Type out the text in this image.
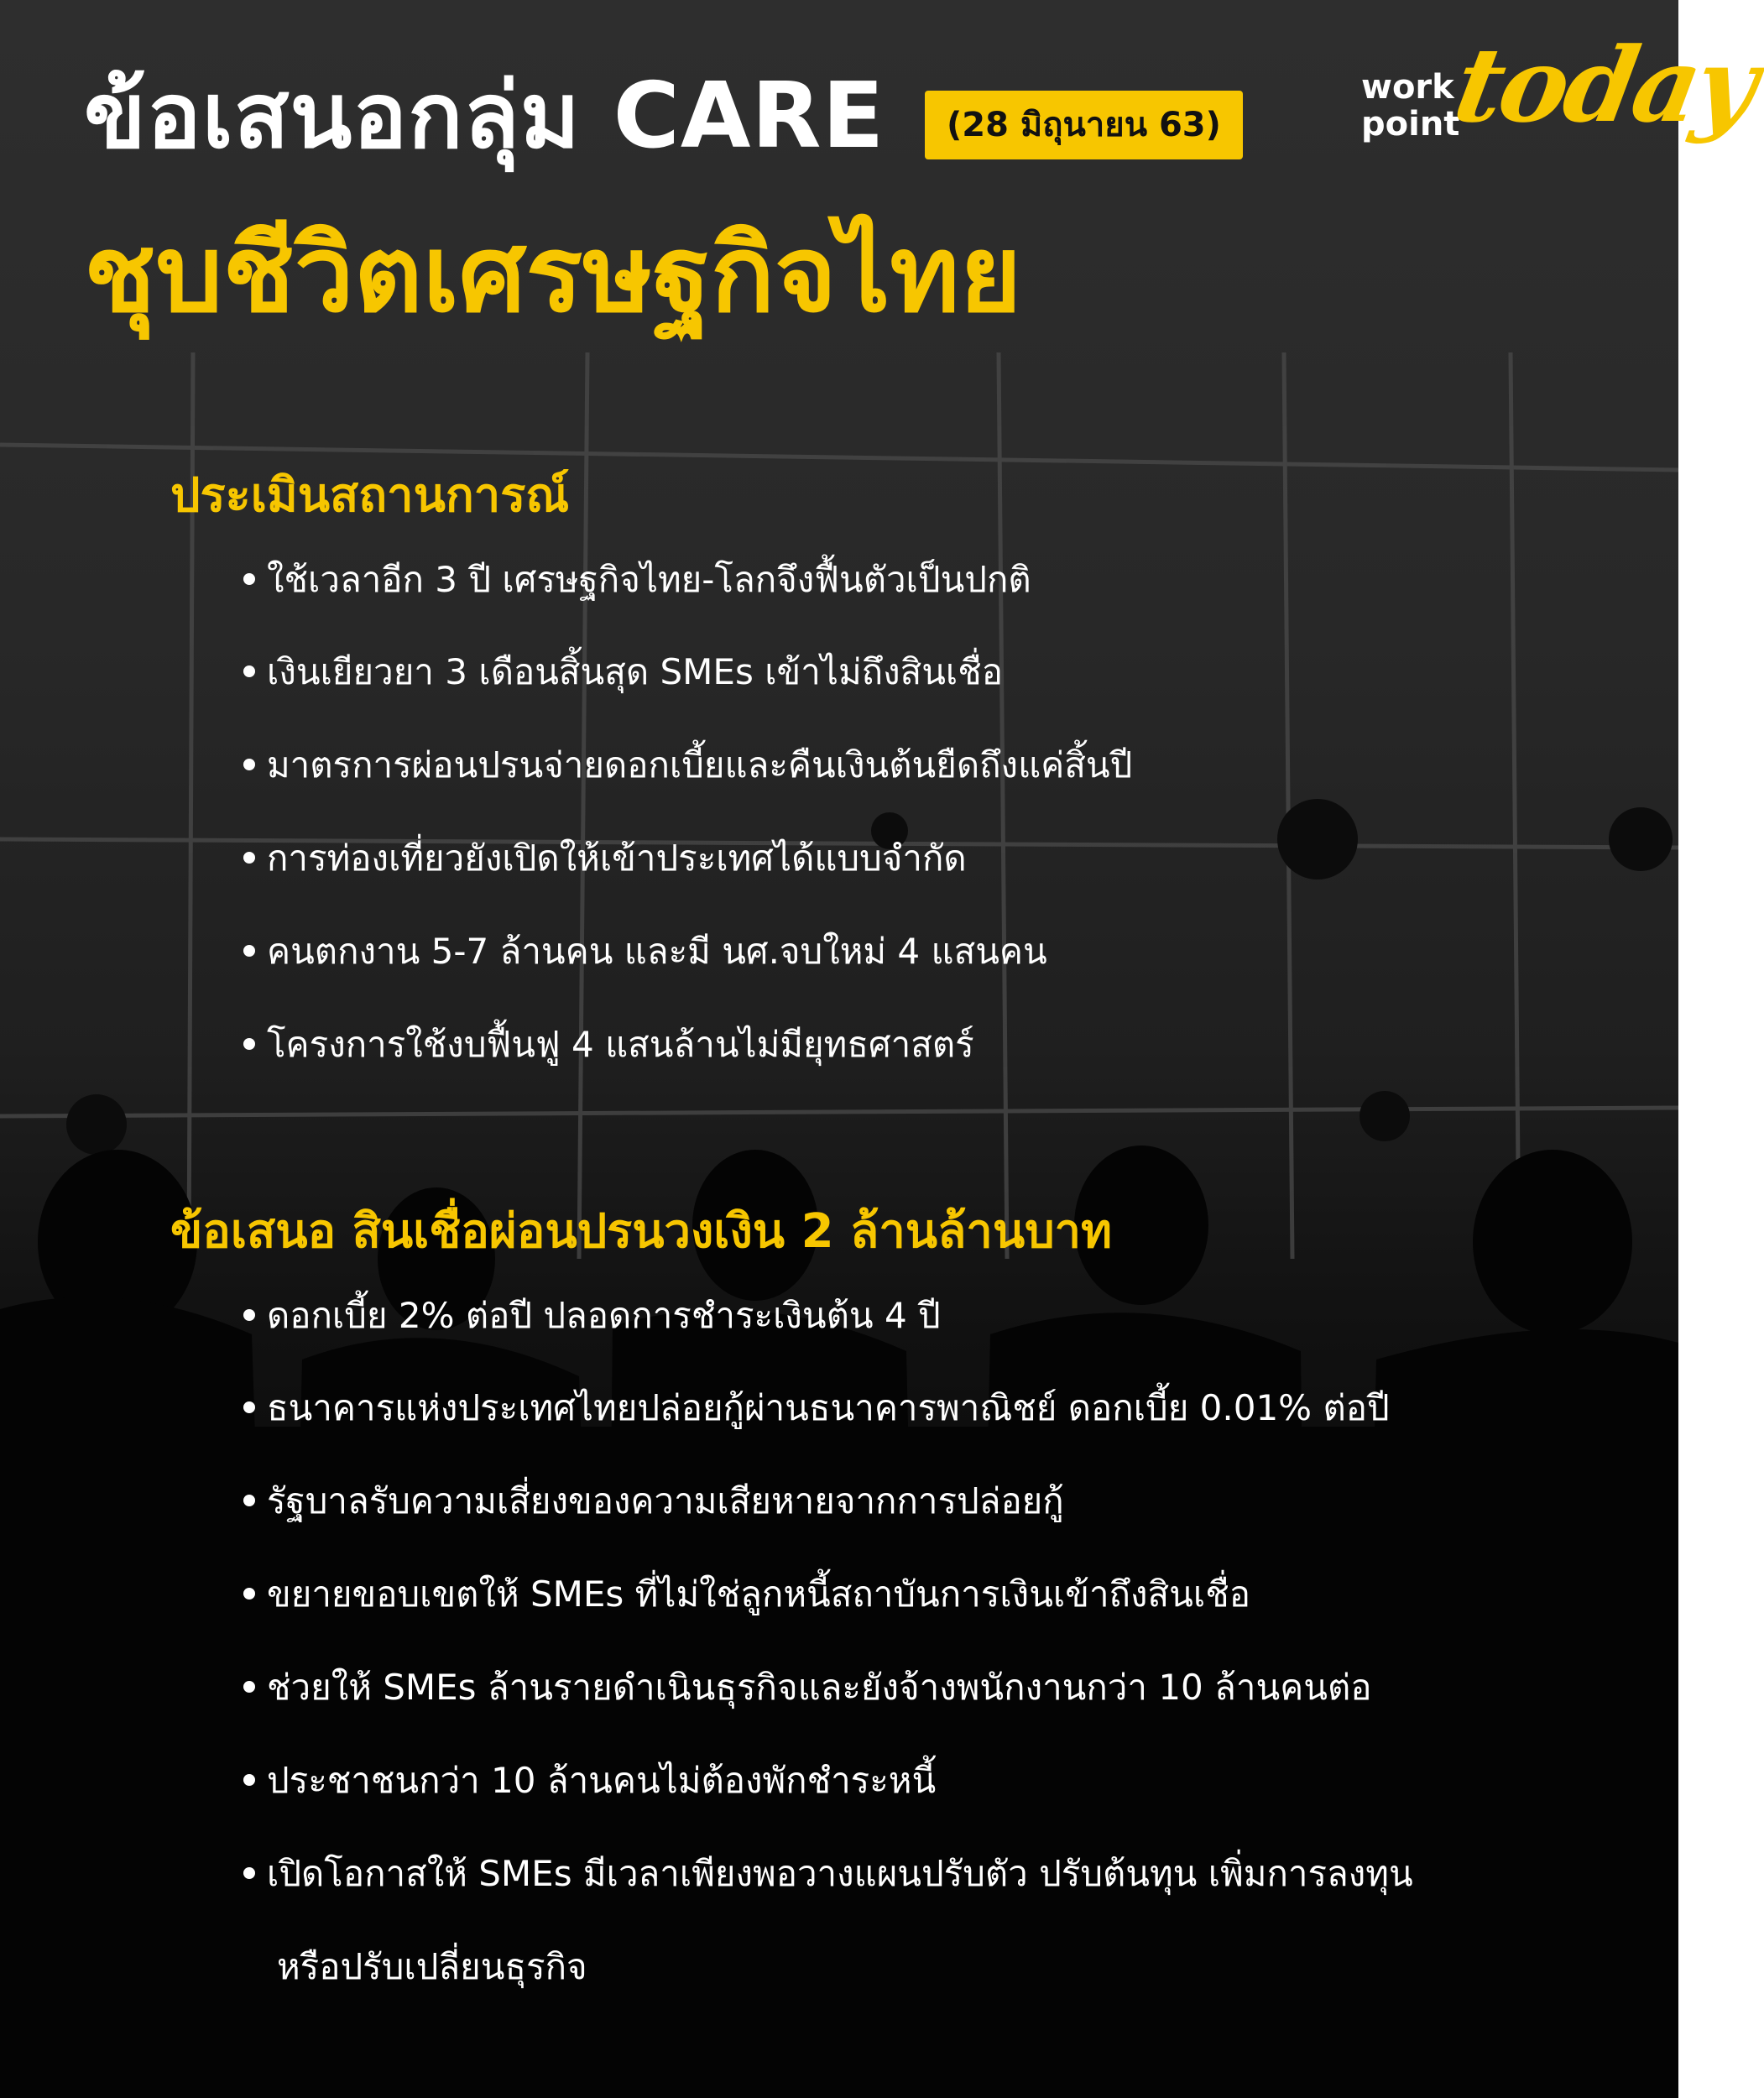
ข้อเสนอกลุ่ม CARE	(28 มิถุนายน 63)
ชุบชีวิตเศรษฐกิจไทย
work
point
today
ประเมินสถานการณ์
ใช้เวลาอีก 3 ปี เศรษฐกิจไทย-โลกจึงฟื้นตัวเป็นปกติ
เงินเยียวยา 3 เดือนสิ้นสุด SMEs เข้าไม่ถึงสินเชื่อ
มาตรการผ่อนปรนจ่ายดอกเบี้ยและคืนเงินต้นยืดถึงแค่สิ้นปี
การท่องเที่ยวยังเปิดให้เข้าประเทศได้แบบจำกัด
คนตกงาน 5-7 ล้านคน และมี นศ.จบใหม่ 4 แสนคน
โครงการใช้งบฟื้นฟู 4 แสนล้านไม่มียุทธศาสตร์
ข้อเสนอ สินเชื่อผ่อนปรนวงเงิน 2 ล้านล้านบาท
ดอกเบี้ย 2% ต่อปี ปลอดการชำระเงินต้น 4 ปี
ธนาคารแห่งประเทศไทยปล่อยกู้ผ่านธนาคารพาณิชย์ ดอกเบี้ย 0.01% ต่อปี
รัฐบาลรับความเสี่ยงของความเสียหายจากการปล่อยกู้
ขยายขอบเขตให้ SMEs ที่ไม่ใช่ลูกหนี้สถาบันการเงินเข้าถึงสินเชื่อ
ช่วยให้ SMEs ล้านรายดำเนินธุรกิจและยังจ้างพนักงานกว่า 10 ล้านคนต่อ
ประชาชนกว่า 10 ล้านคนไม่ต้องพักชำระหนี้
เปิดโอกาสให้ SMEs มีเวลาเพียงพอวางแผนปรับตัว ปรับต้นทุน เพิ่มการลงทุน
หรือปรับเปลี่ยนธุรกิจ
